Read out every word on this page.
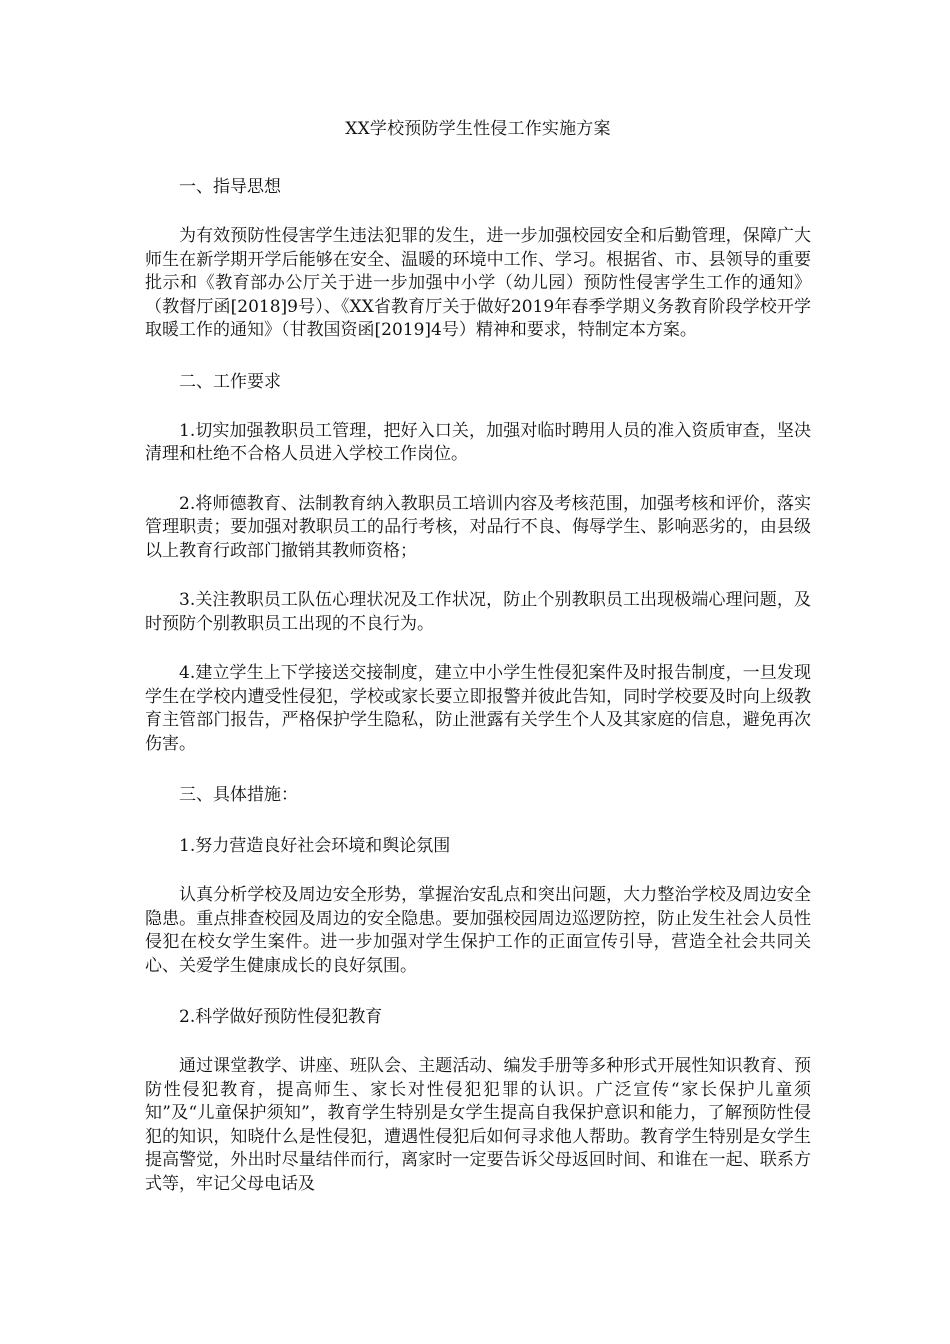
XX学校预防学生性侵工作实施方案

一、指导思想

为有效预防性侵害学生违法犯罪的发生，进一步加强校园安全和后勤管理，保障广大师生在新学期开学后能够在安全、温暖的环境中工作、学习。根据省、市、县领导的重要批示和《教育部办公厅关于进一步加强中小学（幼儿园）预防性侵害学生工作的通知》（教督厅函[2018]9号）、《XX省教育厅关于做好2019年春季学期义务教育阶段学校开学取暖工作的通知》（甘教国资函[2019]4号）精神和要求，特制定本方案。

二、工作要求

1.切实加强教职员工管理，把好入口关，加强对临时聘用人员的准入资质审查，坚决清理和杜绝不合格人员进入学校工作岗位。

2.将师德教育、法制教育纳入教职员工培训内容及考核范围，加强考核和评价，落实管理职责；要加强对教职员工的品行考核，对品行不良、侮辱学生、影响恶劣的，由县级以上教育行政部门撤销其教师资格；

3.关注教职员工队伍心理状况及工作状况，防止个别教职员工出现极端心理问题，及时预防个别教职员工出现的不良行为。

4.建立学生上下学接送交接制度，建立中小学生性侵犯案件及时报告制度，一旦发现学生在学校内遭受性侵犯，学校或家长要立即报警并彼此告知，同时学校要及时向上级教育主管部门报告，严格保护学生隐私，防止泄露有关学生个人及其家庭的信息，避免再次伤害。

三、具体措施：

1.努力营造良好社会环境和舆论氛围

认真分析学校及周边安全形势，掌握治安乱点和突出问题，大力整治学校及周边安全隐患。重点排查校园及周边的安全隐患。要加强校园周边巡逻防控，防止发生社会人员性侵犯在校女学生案件。进一步加强对学生保护工作的正面宣传引导，营造全社会共同关心、关爱学生健康成长的良好氛围。

2.科学做好预防性侵犯教育

通过课堂教学、讲座、班队会、主题活动、编发手册等多种形式开展性知识教育、预防性侵犯教育，提高师生、家长对性侵犯犯罪的认识。广泛宣传“家长保护儿童须知”及“儿童保护须知”，教育学生特别是女学生提高自我保护意识和能力，了解预防性侵犯的知识，知晓什么是性侵犯，遭遇性侵犯后如何寻求他人帮助。教育学生特别是女学生提高警觉，外出时尽量结伴而行，离家时一定要告诉父母返回时间、和谁在一起、联系方式等，牢记父母电话及
